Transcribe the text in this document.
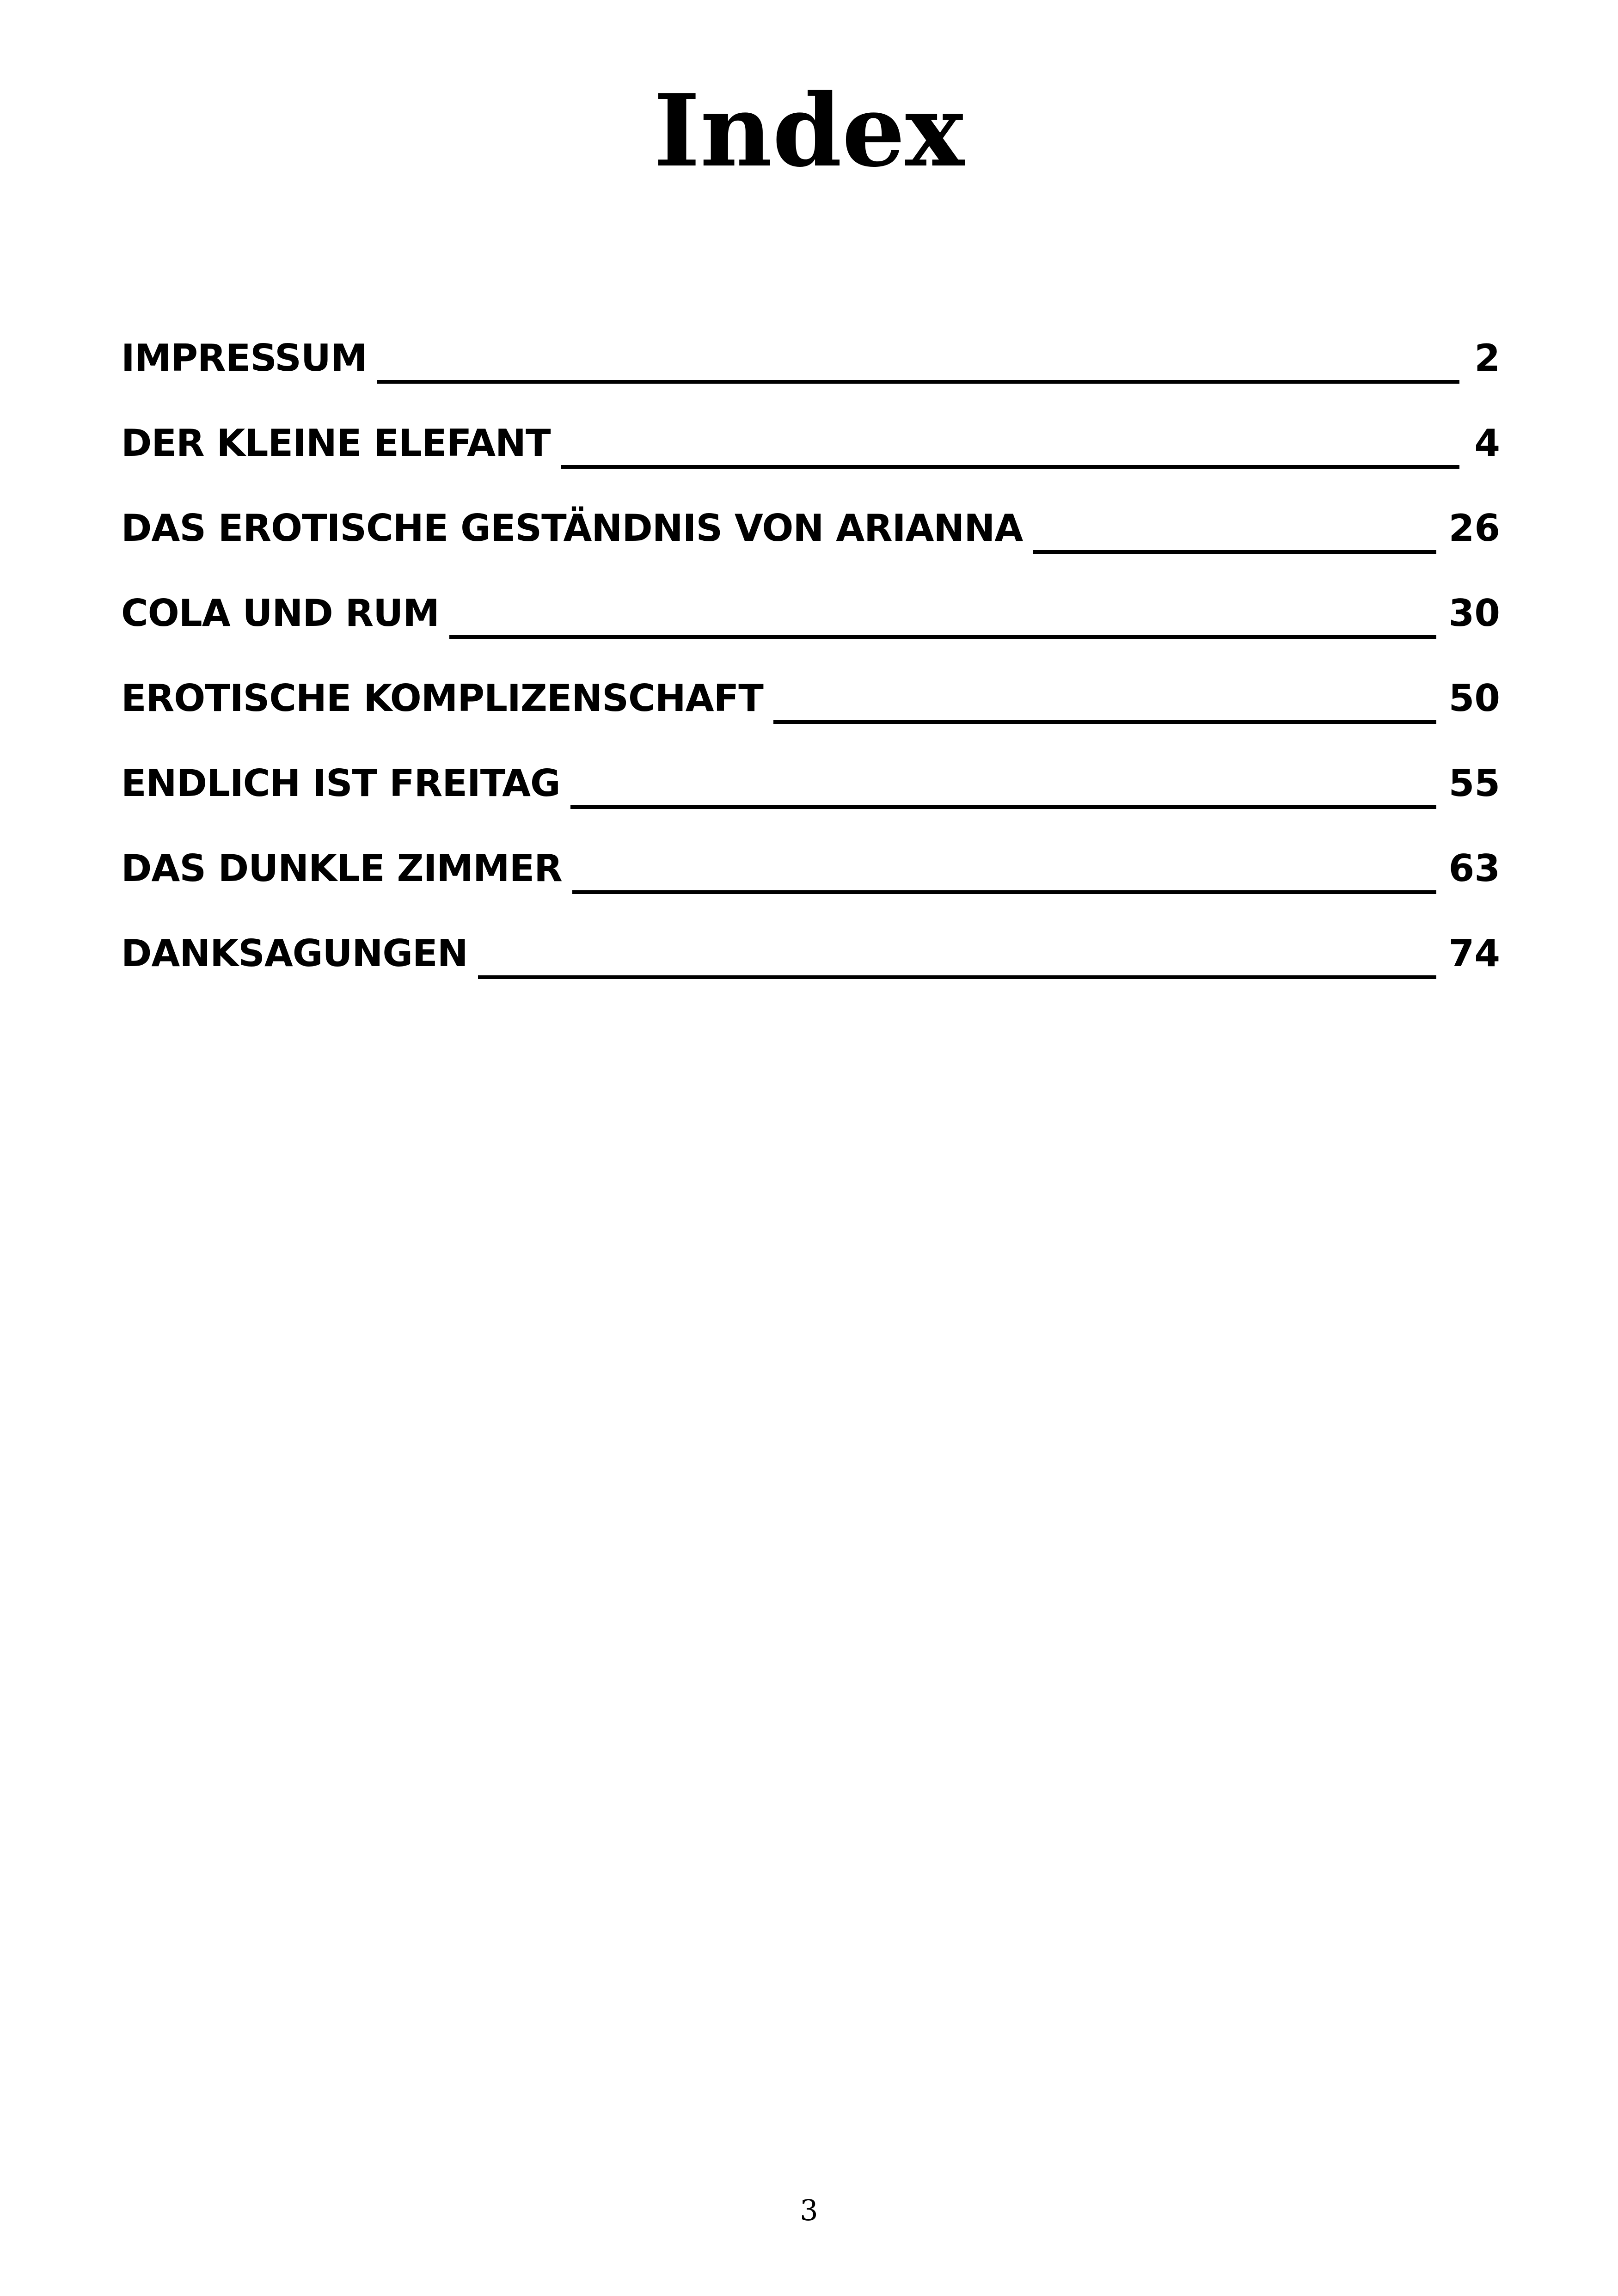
Index
IMPRESSUM	2
DER KLEINE ELEFANT	4
DAS EROTISCHE GESTÄNDNIS VON ARIANNA	26
COLA UND RUM	30
EROTISCHE KOMPLIZENSCHAFT	50
ENDLICH IST FREITAG	55
DAS DUNKLE ZIMMER	63
DANKSAGUNGEN	74
3
